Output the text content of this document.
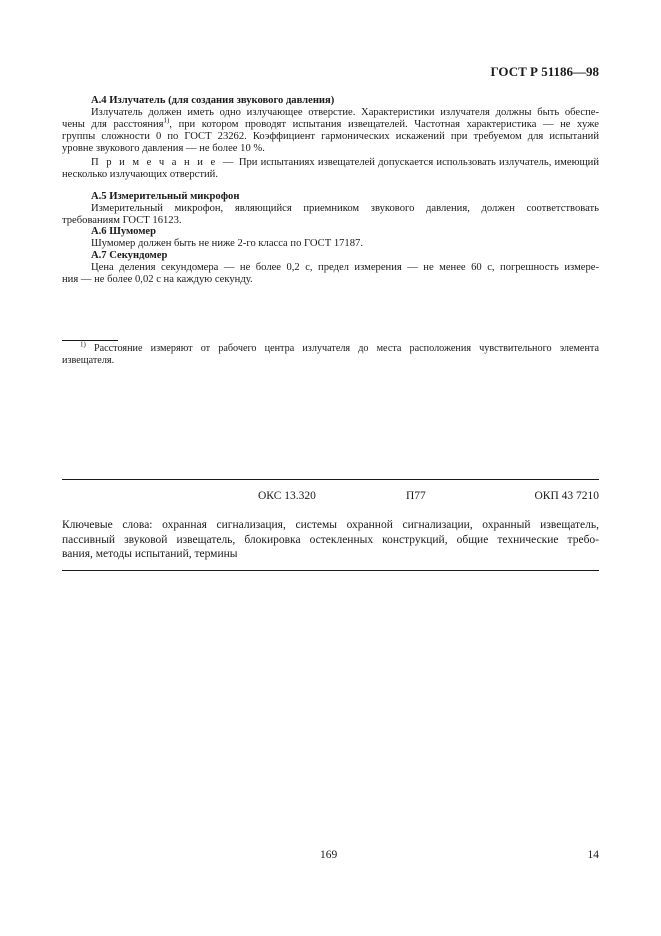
ГОСТ Р 51186—98
А.4 Излучатель (для создания звукового давления)
Излучатель должен иметь одно излучающее отверстие. Характеристики излучателя должны быть обеспе-
чены для расстояния$^{1)}$, при котором проводят испытания извещателей. Частотная характеристика — не хуже
группы сложности 0 по ГОСТ 23262. Коэффициент гармонических искажений при требуемом для испытаний
уровне звукового давления — не более 10 %.
П р и м е ч а н и е — При испытаниях извещателей допускается использовать излучатель, имеющий
несколько излучающих отверстий.
А.5 Измерительный микрофон
Измерительный микрофон, являющийся приемником звукового давления, должен соответствовать
требованиям ГОСТ 16123.
А.6 Шумомер
Шумомер должен быть не ниже 2-го класса по ГОСТ 17187.
А.7 Секундомер
Цена деления секундомера — не более 0,2 с, предел измерения — не менее 60 с, погрешность измере-
ния — не более 0,02 с на каждую секунду.
$^{1)}$ Расстояние измеряют от рабочего центра излучателя до места расположения чувствительного элемента
извещателя.
ОКС 13.320	П77	ОКП 43 7210
Ключевые слова: охранная сигнализация, системы охранной сигнализации, охранный извещатель,
пассивный звуковой извещатель, блокировка остекленных конструкций, общие технические требо-
вания, методы испытаний, термины
169	14
